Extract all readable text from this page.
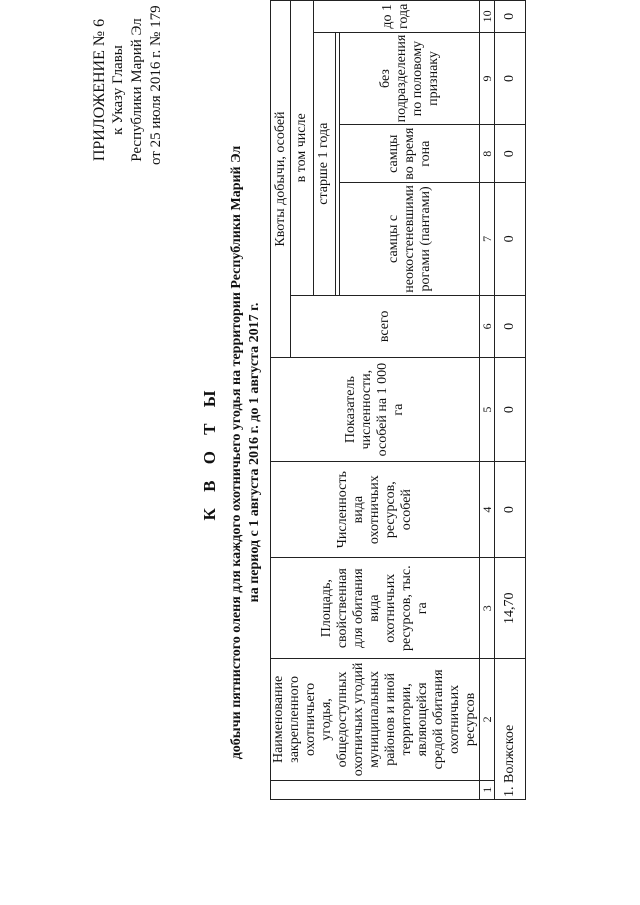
ПРИЛОЖЕНИЕ № 6 к Указу Главы Республики Марий Эл от 25 июля 2016 г. № 179
К В О Т Ы добычи пятнистого оленя для каждого охотничьего угодья на территории Республики Марий Эл на период с 1 августа 2016 г. до 1 августа 2017 г.
	Наименование закрепленного охотничьего угодья, общедоступных охотничьих угодий муниципальных районов и иной территории, являющейся средой обитания охотничьих ресурсов	Площадь, свойственная для обитания вида охотничьих ресурсов, тыс. га	Численность вида охотничьих ресурсов, особей	Показатель численности, особей на 1 000 га	Квоты добычи, особей				
					всего	в том числе			
						старше 1 года			до 1 года

						самцы с неокостеневшими рогами (пантами)	самцы во время гона	без подразделения по половому признаку	
1	2	3	4	5	6	7	8	9	10
1. Волжское		14,70	0	0	0	0	0	0	0
